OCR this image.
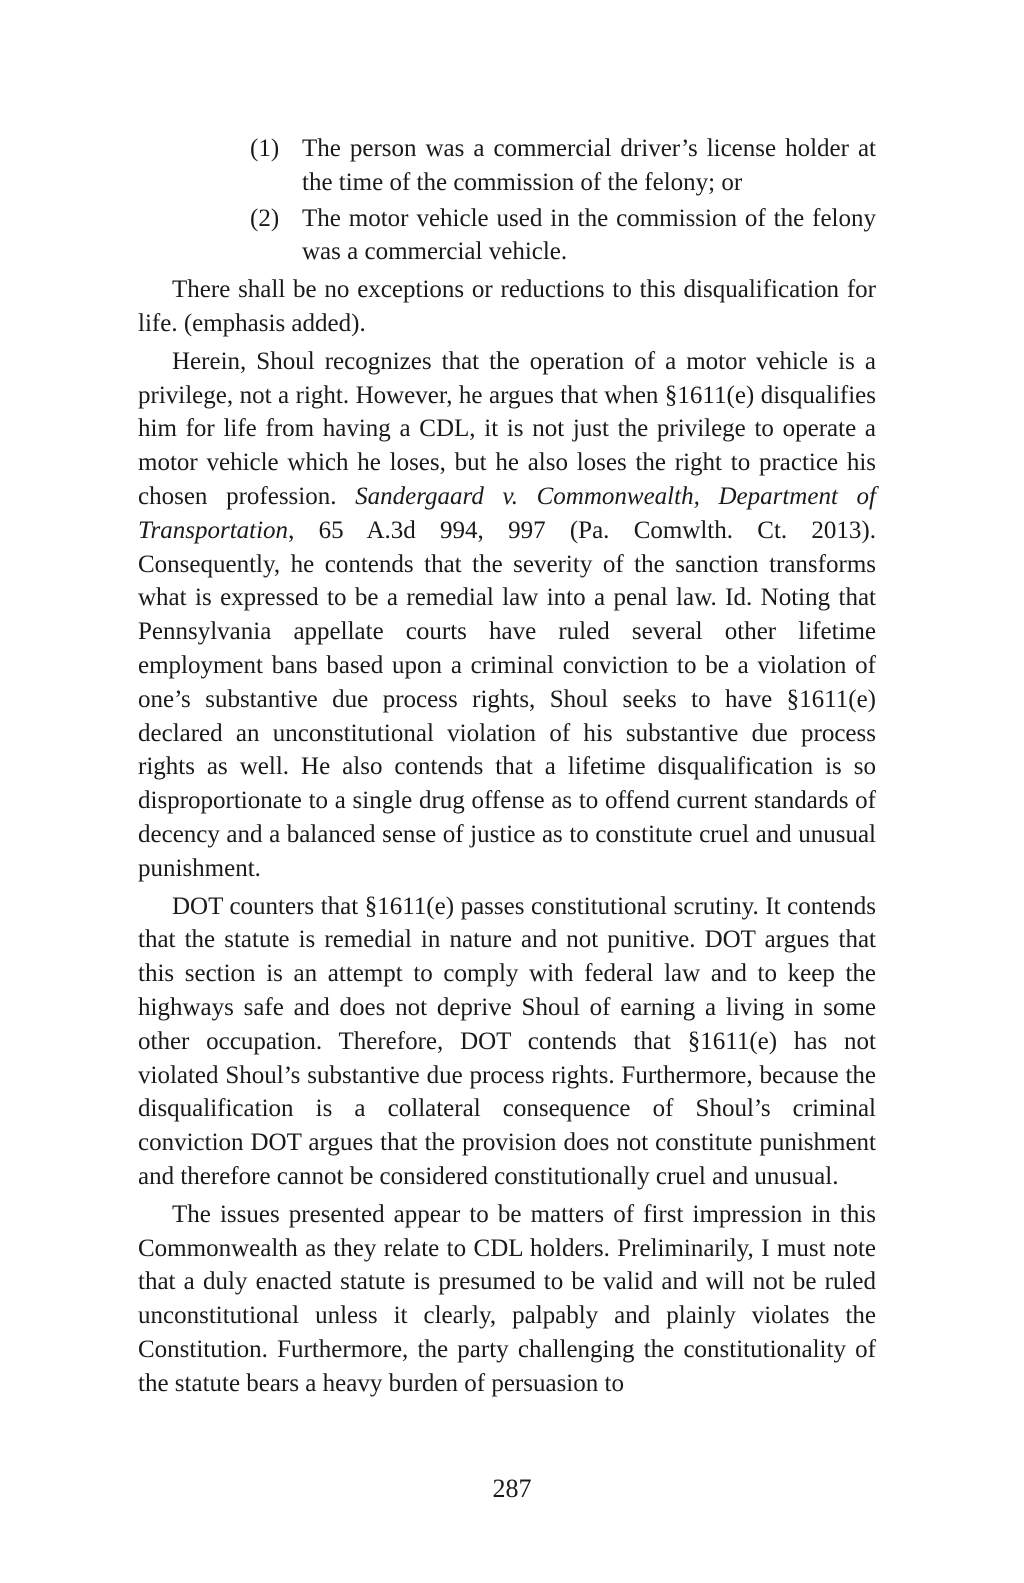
(1) The person was a commercial driver’s license holder at the time of the commission of the felony; or
(2) The motor vehicle used in the commission of the felony was a commercial vehicle.

There shall be no exceptions or reductions to this disqualification for life. (emphasis added).

Herein, Shoul recognizes that the operation of a motor vehicle is a privilege, not a right. However, he argues that when §1611(e) disqualifies him for life from having a CDL, it is not just the privilege to operate a motor vehicle which he loses, but he also loses the right to practice his chosen profession. Sandergaard v. Commonwealth, Department of Transportation, 65 A.3d 994, 997 (Pa. Comwlth. Ct. 2013). Consequently, he contends that the severity of the sanction transforms what is expressed to be a remedial law into a penal law. Id. Noting that Pennsylvania appellate courts have ruled several other lifetime employment bans based upon a criminal conviction to be a violation of one’s substantive due process rights, Shoul seeks to have §1611(e) declared an unconstitutional violation of his substantive due process rights as well. He also contends that a lifetime disqualification is so disproportionate to a single drug offense as to offend current standards of decency and a balanced sense of justice as to constitute cruel and unusual punishment.

DOT counters that §1611(e) passes constitutional scrutiny. It contends that the statute is remedial in nature and not punitive. DOT argues that this section is an attempt to comply with federal law and to keep the highways safe and does not deprive Shoul of earning a living in some other occupation. Therefore, DOT contends that §1611(e) has not violated Shoul’s substantive due process rights. Furthermore, because the disqualification is a collateral consequence of Shoul’s criminal conviction DOT argues that the provision does not constitute punishment and therefore cannot be considered constitutionally cruel and unusual.

The issues presented appear to be matters of first impression in this Commonwealth as they relate to CDL holders. Preliminarily, I must note that a duly enacted statute is presumed to be valid and will not be ruled unconstitutional unless it clearly, palpably and plainly violates the Constitution. Furthermore, the party challenging the constitutionality of the statute bears a heavy burden of persuasion to

287
